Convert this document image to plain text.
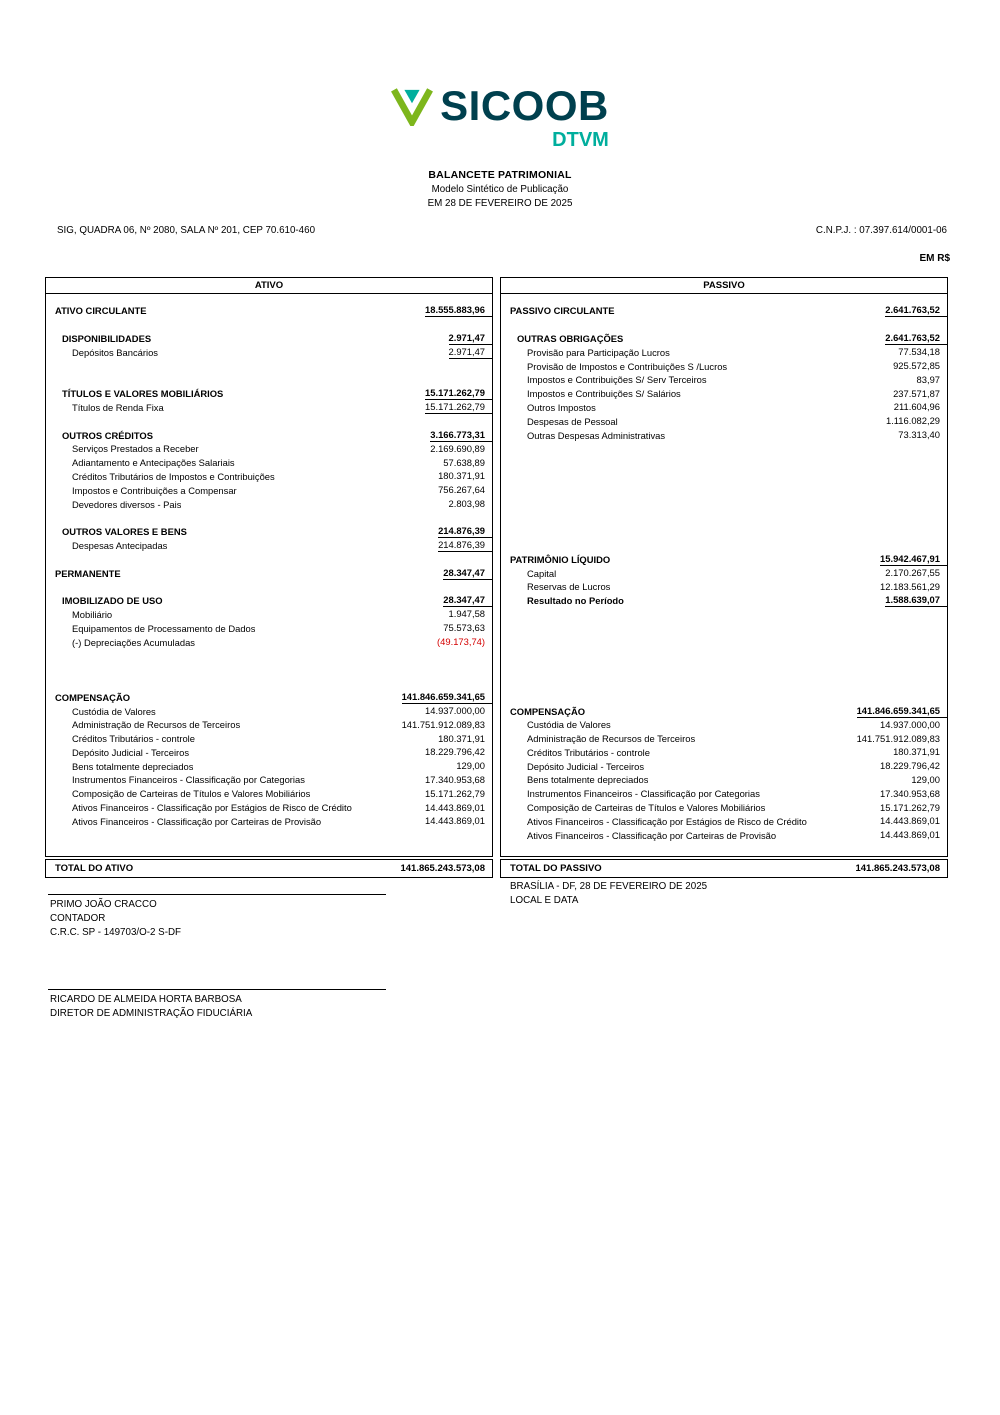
SICOOB
DTVM
BALANCETE PATRIMONIAL
Modelo Sintético de Publicação
EM 28 DE FEVEREIRO DE 2025
SIG, QUADRA 06, Nº 2080, SALA Nº 201, CEP 70.610-460	C.N.P.J. : 07.397.614/0001-06
EM R$
ATIVO
ATIVO CIRCULANTE	18.555.883,96
DISPONIBILIDADES	2.971,47
Depósitos Bancários	2.971,47
TÍTULOS E VALORES MOBILIÁRIOS	15.171.262,79
Títulos de Renda Fixa	15.171.262,79
OUTROS CRÉDITOS	3.166.773,31
Serviços Prestados a Receber	2.169.690,89
Adiantamento e Antecipações Salariais	57.638,89
Créditos Tributários de Impostos e Contribuições	180.371,91
Impostos e Contribuições a Compensar	756.267,64
Devedores diversos - Pais	2.803,98
OUTROS VALORES E BENS	214.876,39
Despesas Antecipadas	214.876,39
PERMANENTE	28.347,47
IMOBILIZADO DE USO	28.347,47
Mobiliário	1.947,58
Equipamentos de Processamento de Dados	75.573,63
(-) Depreciações Acumuladas	(49.173,74)
COMPENSAÇÃO	141.846.659.341,65
Custódia de Valores	14.937.000,00
Administração de Recursos de Terceiros	141.751.912.089,83
Créditos Tributários - controle	180.371,91
Depósito Judicial - Terceiros	18.229.796,42
Bens totalmente depreciados	129,00
Instrumentos Financeiros - Classificação por Categorias	17.340.953,68
Composição de Carteiras de Títulos e Valores Mobiliários	15.171.262,79
Ativos Financeiros - Classificação por Estágios de Risco de Crédito	14.443.869,01
Ativos Financeiros - Classificação por Carteiras de Provisão	14.443.869,01
PASSIVO
PASSIVO CIRCULANTE	2.641.763,52
OUTRAS OBRIGAÇÕES	2.641.763,52
Provisão para Participação Lucros	77.534,18
Provisão de Impostos e Contribuições S /Lucros	925.572,85
Impostos e Contribuições S/ Serv Terceiros	83,97
Impostos e Contribuições S/ Salários	237.571,87
Outros Impostos	211.604,96
Despesas de Pessoal	1.116.082,29
Outras Despesas Administrativas	73.313,40
PATRIMÔNIO LÍQUIDO	15.942.467,91
Capital	2.170.267,55
Reservas de Lucros	12.183.561,29
Resultado no Período	1.588.639,07
COMPENSAÇÃO	141.846.659.341,65
Custódia de Valores	14.937.000,00
Administração de Recursos de Terceiros	141.751.912.089,83
Créditos Tributários - controle	180.371,91
Depósito Judicial - Terceiros	18.229.796,42
Bens totalmente depreciados	129,00
Instrumentos Financeiros - Classificação por Categorias	17.340.953,68
Composição de Carteiras de Títulos e Valores Mobiliários	15.171.262,79
Ativos Financeiros - Classificação por Estágios de Risco de Crédito	14.443.869,01
Ativos Financeiros - Classificação por Carteiras de Provisão	14.443.869,01
TOTAL DO ATIVO	141.865.243.573,08	TOTAL DO PASSIVO	141.865.243.573,08
BRASÍLIA - DF, 28 DE FEVEREIRO DE 2025
LOCAL E DATA
PRIMO JOÃO CRACCO
CONTADOR
C.R.C. SP - 149703/O-2 S-DF
RICARDO DE ALMEIDA HORTA BARBOSA
DIRETOR DE ADMINISTRAÇÃO FIDUCIÁRIA
